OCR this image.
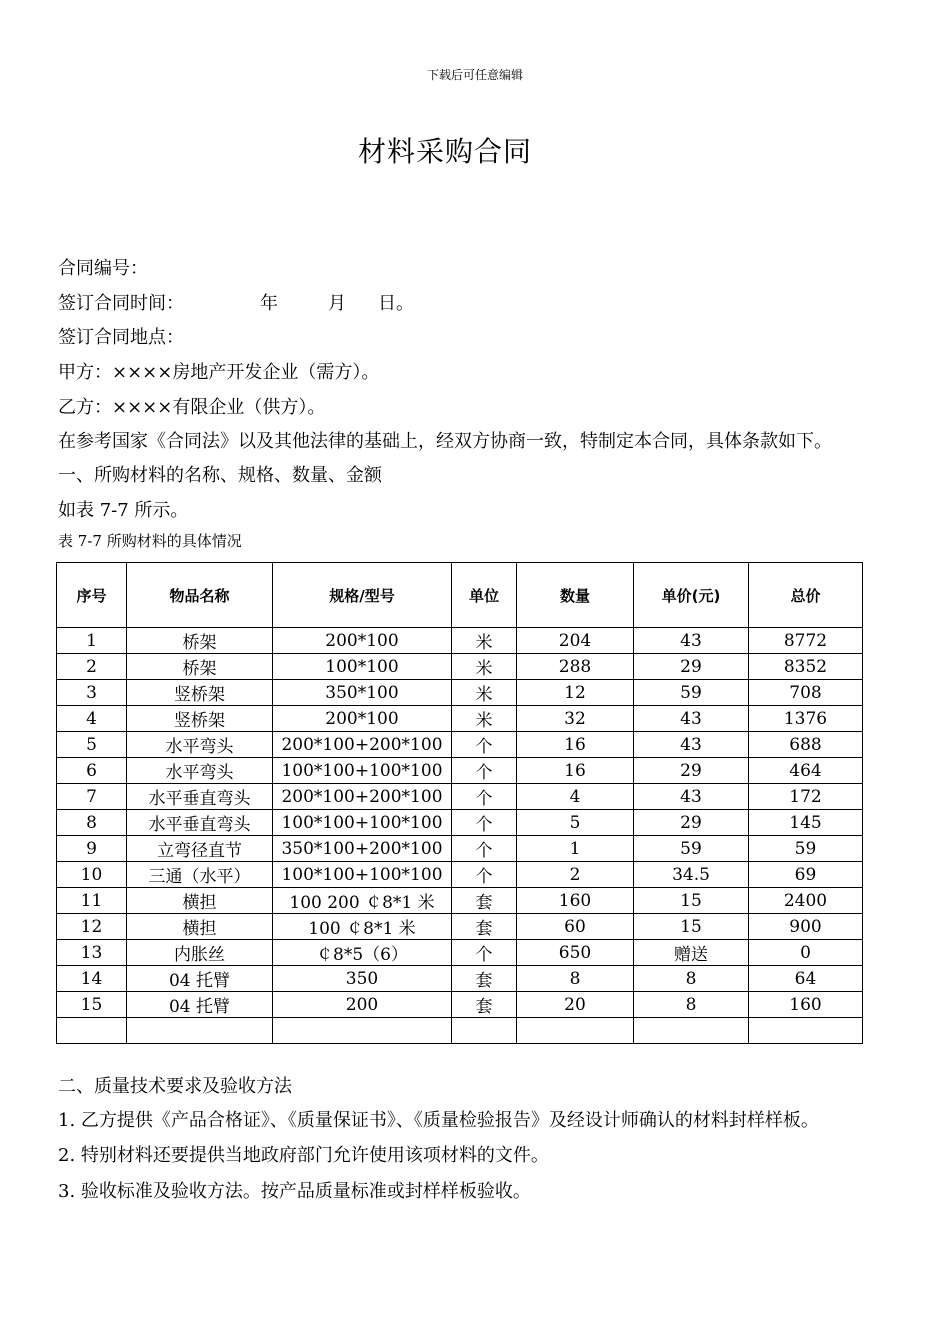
下载后可任意编辑
材料采购合同
合同编号：
签订合同时间：	年	月 日。
签订合同地点：
甲方：××××房地产开发企业（需方）。
乙方：××××有限企业（供方）。
在参考国家《合同法》以及其他法律的基础上，经双方协商一致，特制定本合同，具体条款如下。
一、所购材料的名称、规格、数量、金额
如表 7-7 所示。
表 7-7 所购材料的具体情况
序号	物品名称	规格/型号	单位	数量	单价(元)	总价
1	桥架	200*100	米	204	43	8772
2	桥架	100*100	米	288	29	8352
3	竖桥架	350*100	米	12	59	708
4	竖桥架	200*100	米	32	43	1376
5	水平弯头	200*100+200*100	个	16	43	688
6	水平弯头	100*100+100*100	个	16	29	464
7	水平垂直弯头	200*100+200*100	个	4	43	172
8	水平垂直弯头	100*100+100*100	个	5	29	145
9	立弯径直节	350*100+200*100	个	1	59	59
10	三通（水平）	100*100+100*100	个	2	34.5	69
11	横担	100 200 ￠8*1 米	套	160	15	2400
12	横担	100 ￠8*1 米	套	60	15	900
13	内胀丝	￠8*5（6）	个	650	赠送	0
14	04 托臂	350	套	8	8	64
15	04 托臂	200	套	20	8	160

二、质量技术要求及验收方法
1. 乙方提供《产品合格证》、《质量保证书》、《质量检验报告》及经设计师确认的材料封样样板。
2. 特别材料还要提供当地政府部门允许使用该项材料的文件。
3. 验收标准及验收方法。按产品质量标准或封样样板验收。
